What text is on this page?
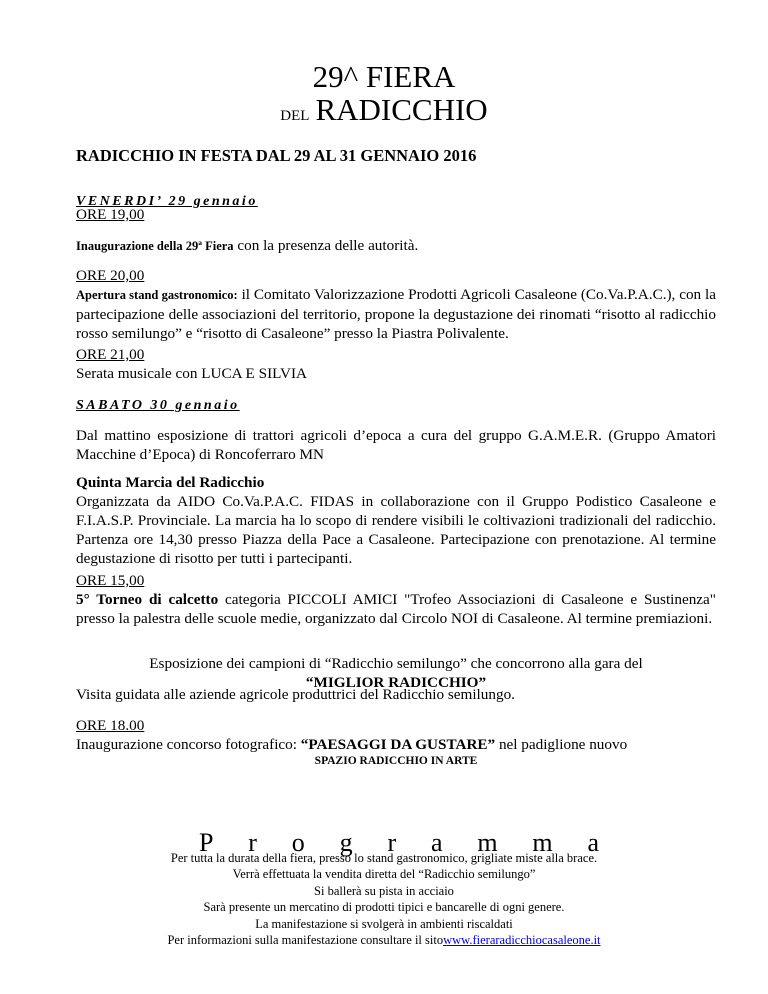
29^ FIERA
DEL RADICCHIO
RADICCHIO IN FESTA DAL 29 AL 31 GENNAIO 2016
VENERDI’ 29 gennaio
ORE 19,00
Inaugurazione della 29ª Fiera con la presenza delle autorità.
ORE 20,00
Apertura stand gastronomico: il Comitato Valorizzazione Prodotti Agricoli Casaleone (Co.Va.P.A.C.), con la partecipazione delle associazioni del territorio, propone la degustazione dei rinomati “risotto al radicchio rosso semilungo” e “risotto di Casaleone” presso la Piastra Polivalente.
ORE 21,00
Serata musicale con LUCA E SILVIA
SABATO 30 gennaio
Dal mattino esposizione di trattori agricoli d’epoca a cura del gruppo G.A.M.E.R. (Gruppo Amatori Macchine d’Epoca) di Roncoferraro MN
Quinta Marcia del Radicchio
Organizzata da AIDO Co.Va.P.A.C. FIDAS in collaborazione con il Gruppo Podistico Casaleone e F.I.A.S.P. Provinciale. La marcia ha lo scopo di rendere visibili le coltivazioni tradizionali del radicchio. Partenza ore 14,30 presso Piazza della Pace a Casaleone. Partecipazione con prenotazione. Al termine degustazione di risotto per tutti i partecipanti.
ORE 15,00
5° Torneo di calcetto categoria PICCOLI AMICI "Trofeo Associazioni di Casaleone e Sustinenza" presso la palestra delle scuole medie, organizzato dal Circolo NOI di Casaleone. Al termine premiazioni.
Esposizione dei campioni di “Radicchio semilungo” che concorrono alla gara del
“MIGLIOR RADICCHIO”
Visita guidata alle aziende agricole produttrici del Radicchio semilungo.
ORE 18.00
Inaugurazione concorso fotografico: “PAESAGGI DA GUSTARE” nel padiglione nuovo
SPAZIO RADICCHIO IN ARTE
P r o g r a m m a
Per tutta la durata della fiera, presso lo stand gastronomico, grigliate miste alla brace.
Verrà effettuata la vendita diretta del “Radicchio semilungo”
Si ballerà su pista in acciaio
Sarà presente un mercatino di prodotti tipici e bancarelle di ogni genere.
La manifestazione si svolgerà in ambienti riscaldati
Per informazioni sulla manifestazione consultare il sitowww.fieraradicchiocasaleone.it
